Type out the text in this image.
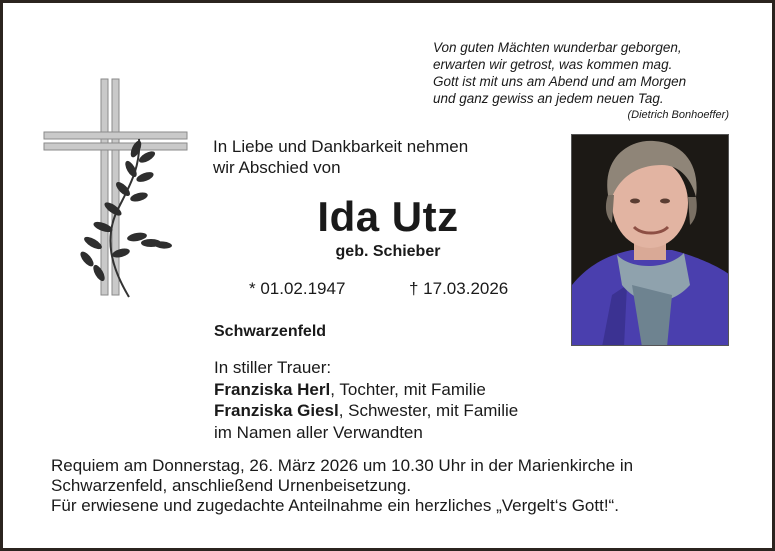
Von guten Mächten wunderbar geborgen,
erwarten wir getrost, was kommen mag.
Gott ist mit uns am Abend und am Morgen
und ganz gewiss an jedem neuen Tag.
(Dietrich Bonhoeffer)
In Liebe und Dankbarkeit nehmen
wir Abschied von
Ida Utz
geb. Schieber
* 01.02.1947	† 17.03.2026
Schwarzenfeld
In stiller Trauer:
Franziska Herl, Tochter, mit Familie
Franziska Giesl, Schwester, mit Familie
im Namen aller Verwandten
Requiem am Donnerstag, 26. März 2026 um 10.30 Uhr in der Marienkirche in
Schwarzenfeld, anschließend Urnenbeisetzung.
Für erwiesene und zugedachte Anteilnahme ein herzliches „Vergelt‘s Gott!“.
